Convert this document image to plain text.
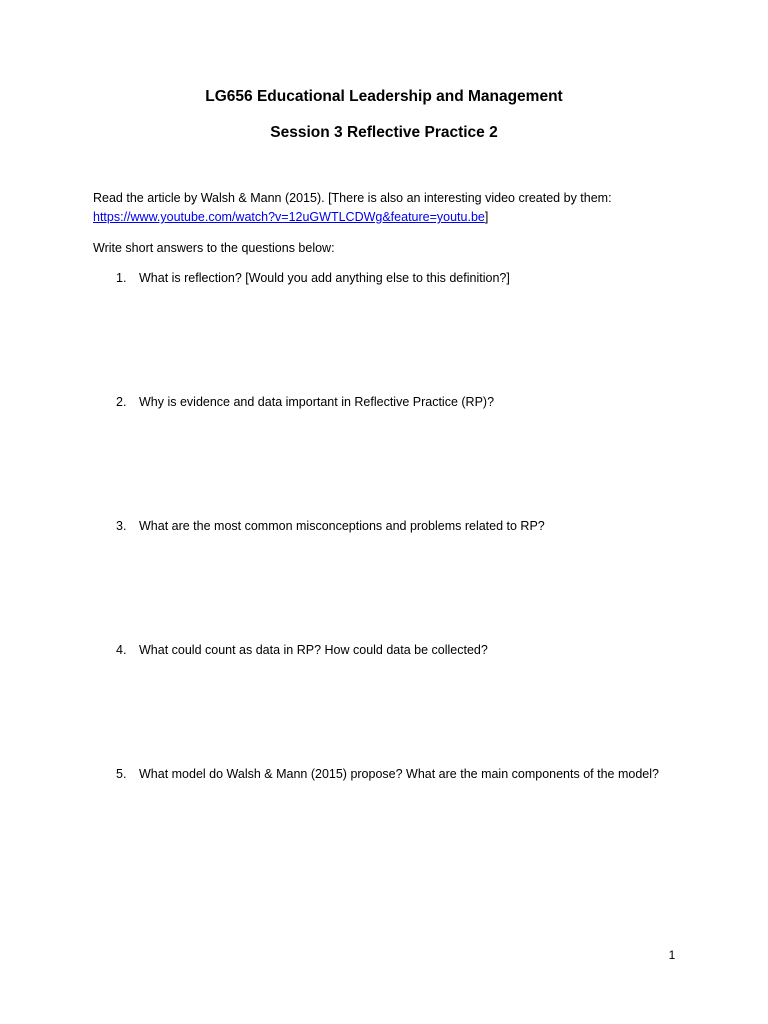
LG656 Educational Leadership and Management
Session 3 Reflective Practice 2

Read the article by Walsh & Mann (2015). [There is also an interesting video created by them: https://www.youtube.com/watch?v=12uGWTLCDWg&feature=youtu.be]

Write short answers to the questions below:

1.	What is reflection? [Would you add anything else to this definition?]
2.	Why is evidence and data important in Reflective Practice (RP)?
3.	What are the most common misconceptions and problems related to RP?
4.	What could count as data in RP? How could data be collected?
5.	What model do Walsh & Mann (2015) propose? What are the main components of the model?
1
